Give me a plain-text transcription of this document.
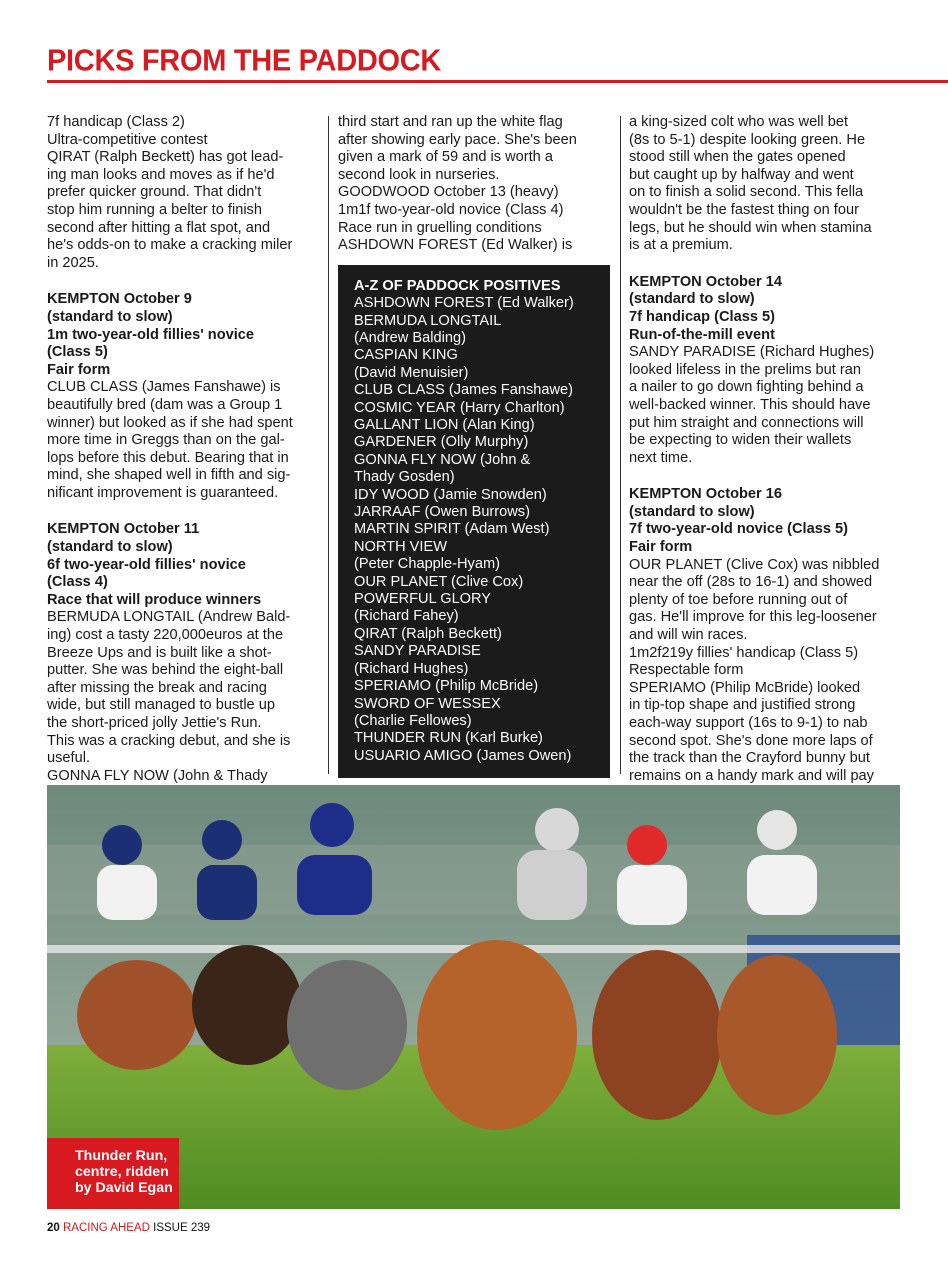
PICKS FROM THE PADDOCK
7f handicap (Class 2)
Ultra-competitive contest
QIRAT (Ralph Beckett) has got lead-
ing man looks and moves as if he'd
prefer quicker ground. That didn't
stop him running a belter to finish
second after hitting a flat spot, and
he's odds-on to make a cracking miler
in 2025.
KEMPTON October 9
(standard to slow)
1m two-year-old fillies' novice
(Class 5)
Fair form
CLUB CLASS (James Fanshawe) is
beautifully bred (dam was a Group 1
winner) but looked as if she had spent
more time in Greggs than on the gal-
lops before this debut. Bearing that in
mind, she shaped well in fifth and sig-
nificant improvement is guaranteed.
KEMPTON October 11
(standard to slow)
6f two-year-old fillies' novice
(Class 4)
Race that will produce winners
BERMUDA LONGTAIL (Andrew Bald-
ing) cost a tasty 220,000euros at the
Breeze Ups and is built like a shot-
putter. She was behind the eight-ball
after missing the break and racing
wide, but still managed to bustle up
the short-priced jolly Jettie's Run.
This was a cracking debut, and she is
useful.
GONNA FLY NOW (John & Thady
third start and ran up the white flag
after showing early pace. She's been
given a mark of 59 and is worth a
second look in nurseries.
GOODWOOD October 13 (heavy)
1m1f two-year-old novice (Class 4)
Race run in gruelling conditions
ASHDOWN FOREST (Ed Walker) is
A-Z OF PADDOCK POSITIVES
ASHDOWN FOREST (Ed Walker)
BERMUDA LONGTAIL
(Andrew Balding)
CASPIAN KING
(David Menuisier)
CLUB CLASS (James Fanshawe)
COSMIC YEAR (Harry Charlton)
GALLANT LION (Alan King)
GARDENER (Olly Murphy)
GONNA FLY NOW (John &
Thady Gosden)
IDY WOOD (Jamie Snowden)
JARRAAF (Owen Burrows)
MARTIN SPIRIT (Adam West)
NORTH VIEW
(Peter Chapple-Hyam)
OUR PLANET (Clive Cox)
POWERFUL GLORY
(Richard Fahey)
QIRAT (Ralph Beckett)
SANDY PARADISE
(Richard Hughes)
SPERIAMO (Philip McBride)
SWORD OF WESSEX
(Charlie Fellowes)
THUNDER RUN (Karl Burke)
USUARIO AMIGO (James Owen)
a king-sized colt who was well bet
(8s to 5-1) despite looking green. He
stood still when the gates opened
but caught up by halfway and went
on to finish a solid second. This fella
wouldn't be the fastest thing on four
legs, but he should win when stamina
is at a premium.
KEMPTON October 14
(standard to slow)
7f handicap (Class 5)
Run-of-the-mill event
SANDY PARADISE (Richard Hughes)
looked lifeless in the prelims but ran
a nailer to go down fighting behind a
well-backed winner. This should have
put him straight and connections will
be expecting to widen their wallets
next time.
KEMPTON October 16
(standard to slow)
7f two-year-old novice (Class 5)
Fair form
OUR PLANET (Clive Cox) was nibbled
near the off (28s to 16-1) and showed
plenty of toe before running out of
gas. He'll improve for this leg-loosener
and will win races.
1m2f219y fillies' handicap (Class 5)
Respectable form
SPERIAMO (Philip McBride) looked
in tip-top shape and justified strong
each-way support (16s to 9-1) to nab
second spot. She's done more laps of
the track than the Crayford bunny but
remains on a handy mark and will pay
Thunder Run,
centre, ridden
by David Egan
20 RACING AHEAD ISSUE 239
